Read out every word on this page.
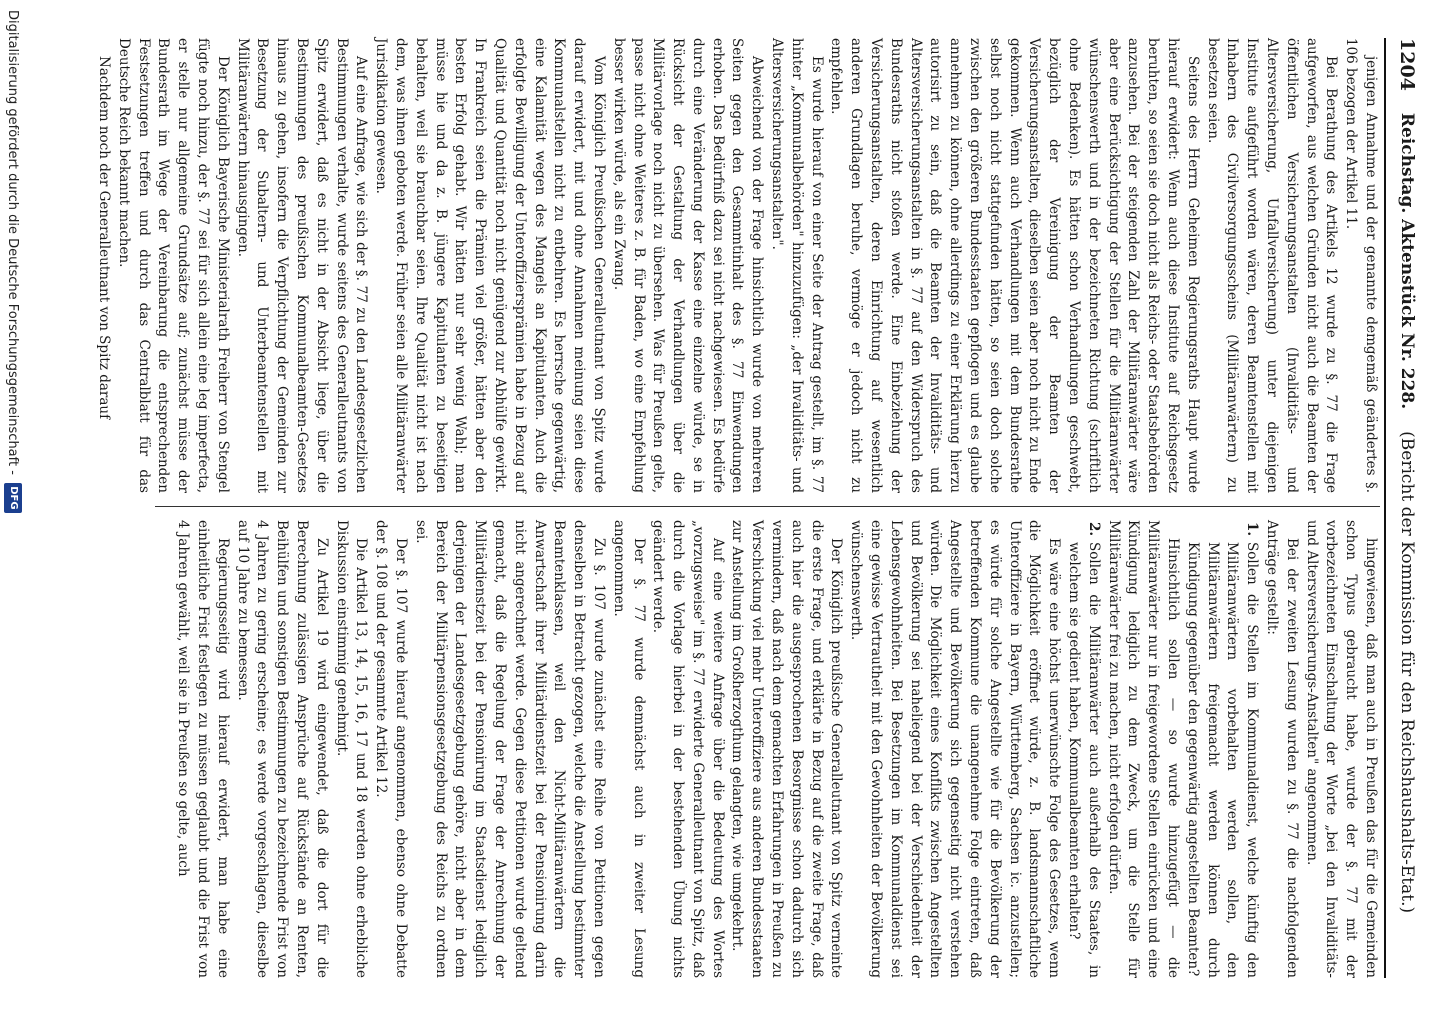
1204
Reichstag. Aktenstück Nr. 228.
(Bericht der Kommission für den Reichshaushalts-Etat.)

jenigen Annahme und der genannte demgemäß geändertes §. 106 bezogen der Artikel 11.

Bei Berathung des Artikels 12 wurde zu §. 77 die Frage aufgeworfen, aus welchen Gründen nicht auch die Beamten der öffentlichen Versicherungsanstalten (Invaliditäts- und Altersversicherung, Unfallversicherung) unter diejenigen Institute aufgeführt worden wären, deren Beamtenstellen mit Inhabern des Civilversorgungsscheins (Militäranwärtern) zu besetzen seien.

Seitens des Herrn Geheimen Regierungsraths Haupt wurde hierauf erwidert: Wenn auch diese Institute auf Reichsgesetz beruhten, so seien sie doch nicht als Reichs- oder Staatsbehörden anzusehen. Bei der steigenden Zahl der Militäranwärter wäre aber eine Berücksichtigung der Stellen für die Militäranwärter wünschenswerth und in der bezeichneten Richtung (schriftlich ohne Bedenken). Es hätten schon Verhandlungen geschwebt, bezüglich der Vereinigung der Beamten der Versicherungsanstalten, dieselben seien aber noch nicht zu Ende gekommen. Wenn auch Verhandlungen mit dem Bundesrathe selbst noch nicht stattgefunden hätten, so seien doch solche zwischen den größeren Bundesstaaten gepflogen und es glaube annehmen zu können, ohne allerdings zu einer Erklärung hierzu autorisirt zu sein, daß die Beamten der Invaliditäts- und Altersversicherungsanstalten in §. 77 auf den Widerspruch des Bundesraths nicht stoßen werde. Eine Einbeziehung der Versicherungsanstalten, deren Einrichtung auf wesentlich anderen Grundlagen beruhe, vermöge er jedoch nicht zu empfehlen.

Es wurde hierauf von einer Seite der Antrag gestellt, im §. 77 hinter „Kommunalbehörden" hinzuzufügen: „der Invaliditäts- und Altersversicherungsanstalten".

Abweichend von der Frage hinsichtlich wurde von mehreren Seiten gegen den Gesammtinhalt des §. 77 Einwendungen erhoben. Das Bedürfniß dazu sei nicht nachgewiesen. Es bedürfe durch eine Veränderung der Kasse eine einzelne würde, se in Rücksicht der Gestaltung der Verhandlungen über die Militärvorlage noch nicht zu übersehen. Was für Preußen gelte, passe nicht ohne Weiteres z. B. für Baden, wo eine Empfehlung besser wirken würde, als ein Zwang.

Vom Königlich Preußischen Generalleutnant von Spitz wurde darauf erwidert, mit und ohne Annahmen meinung seien diese Kommunalstellen nicht zu entbehren. Es herrsche gegenwärtig, eine Kalamität wegen des Mangels an Kapitulanten. Auch die erfolgte Bewilligung der Unteroffiziersprämien habe in Bezug auf Qualität und Quantität noch nicht genügend zur Abhülfe gewirkt. In Frankreich seien die Prämien viel größer, hätten aber den besten Erfolg gehabt. Wir hätten nur sehr wenig Wahl; man müsse hie und da z. B. jüngere Kapitulanten zu beseitigen behalten, weil sie brauchbar seien. Ihre Qualität nicht ist nach dem, was ihnen geboten werde. Früher seien alle Militäranwärter Jurisdikation gewesen.

Auf eine Anfrage, wie sich der §. 77 zu den Landesgesetzlichen Bestimmungen verhalte, wurde seitens des Generalleutnants von Spitz erwidert, daß es nicht in der Absicht liege, über die Bestimmungen des preußischen Kommunalbeamten-Gesetzes hinaus zu gehen, insofern die Verpflichtung der Gemeinden zur Besetzung der Subaltern- und Unterbeamtenstellen mit Militäranwärtern hinausgingen.

Der Königlich Bayerische Ministerialrath Freiherr von Stengel fügte noch hinzu, der §. 77 sei für sich allein eine leg imperfecta, er stelle nur allgemeine Grundsätze auf; zunächst müsse der Bundesrath im Wege der Vereinbarung die entsprechenden Festsetzungen treffen und durch das Centralblatt für das Deutsche Reich bekannt machen.

Nachdem noch der Generalleutnant von Spitz darauf

hingewiesen, daß man auch in Preußen das für die Gemeinden schon Typus gebraucht habe, wurde der §. 77 mit der vorbezeichneten Einschaltung der Worte „bei den Invaliditäts- und Altersversicherungs-Anstalten" angenommen.

Bei der zweiten Lesung wurden zu §. 77 die nachfolgenden Anträge gestellt:

1.
Sollen die Stellen im Kommunaldienst, welche künftig den Militäranwärtern vorbehalten werden sollen, den Militäranwärtern freigemacht werden können durch Kündigung gegenüber den gegenwärtig angestellten Beamten?

Hinsichtlich sollen — so wurde hinzugefügt — die Militäranwärter nur in freigewordene Stellen einrücken und eine Kündigung lediglich zu dem Zweck, um die Stelle für Militäranwärter frei zu machen, nicht erfolgen dürfen.

2.
Sollen die Militäranwärter auch außerhalb des Staates, in welchem sie gedient haben, Kommunalbeamten erhalten?

Es wäre eine höchst unerwünschte Folge des Gesetzes, wenn die Möglichkeit eröffnet würde, z. B. landsmannschaftliche Unteroffiziere in Bayern, Württemberg, Sachsen ic. anzustellen; es würde für solche Angestellte wie für die Bevölkerung der betreffenden Kommune die unangenehme Folge eintreten, daß Angestellte und Bevölkerung sich gegenseitig nicht verstehen würden. Die Möglichkeit eines Konflikts zwischen Angestellten und Bevölkerung sei naheliegend bei der Verschiedenheit der Lebensgewohnheiten. Bei Besetzungen im Kommunaldienst sei eine gewisse Vertrautheit mit den Gewohnheiten der Bevölkerung wünschenswerth.

Der Königlich preußische Generalleutnant von Spitz verneinte die erste Frage, und erklärte in Bezug auf die zweite Frage, daß auch hier die ausgesprochenen Besorgnisse schon dadurch sich vermindern, daß nach dem gemachten Erfahrungen in Preußen zu Verschickung viel mehr Unteroffiziere aus anderen Bundesstaaten zur Anstellung im Großherzogthum gelangten, wie umgekehrt.

Auf eine weitere Anfrage über die Bedeutung des Wortes „vorzugsweise" im §. 77 erwiderte Generalleutnant von Spitz, daß durch die Vorlage hierbei in der bestehenden Übung nichts geändert werde.

Der §. 77 wurde demnächst auch in zweiter Lesung angenommen.

Zu §. 107 wurde zunächst eine Reihe von Petitionen gegen denselben in Betracht gezogen, welche die Anstellung bestimmter Beamtenklassen, weil den Nicht-Militäranwärtern die Anwartschaft ihrer Militärdienstzeit bei der Pensionirung darin nicht angerechnet werde. Gegen diese Petitionen wurde geltend gemacht, daß die Regelung der Frage der Anrechnung der Militärdienstzeit bei der Pensionirung im Staatsdienst lediglich derjenigen der Landesgesetzgebung gehöre, nicht aber in dem Bereich der Militärpensionsgesetzgebung des Reichs zu ordnen sei.

Der §. 107 wurde hierauf angenommen, ebenso ohne Debatte der §. 108 und der gesammte Artikel 12.

Die Artikel 13, 14, 15, 16, 17 und 18 werden ohne erhebliche Diskussion einstimmig genehmigt.

Zu Artikel 19 wird eingewendet, daß die dort für die Berechnung zulässigen Ansprüche auf Rückstände an Renten, Beihülfen und sonstigen Bestimmungen zu bezeichnende Frist von 4 Jahren zu gering erscheine; es werde vorgeschlagen, dieselbe auf 10 Jahre zu bemessen.

Regierungsseitig wird hierauf erwidert, man habe eine einheitliche Frist festlegen zu müssen geglaubt und die Frist von 4 Jahren gewählt, weil sie in Preußen so gelte, auch

Digitalisierung gefördert durch die Deutsche Forschungsgemeinschaft -
DFG
